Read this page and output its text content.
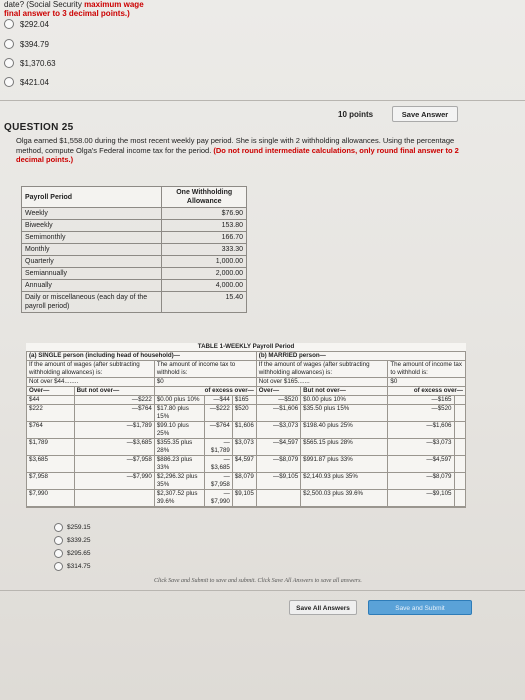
date? (Social Security maximum wage
final answer to 3 decimal points.)
$292.04
$394.79
$1,370.63
$421.04
10 points	Save Answer
QUESTION 25
Olga earned $1,558.00 during the most recent weekly pay period. She is single with 2 withholding allowances. Using the percentage method, compute Olga's Federal income tax for the period. (Do not round intermediate calculations, only round final answer to 2 decimal points.)
Payroll Period	One Withholding Allowance
Weekly	$76.90
Biweekly	153.80
Semimonthly	166.70
Monthly	333.30
Quarterly	1,000.00
Semiannually	2,000.00
Annually	4,000.00
Daily or miscellaneous (each day of the payroll period)	15.40
TABLE 1-WEEKLY Payroll Period								
(a) SINGLE person (including head of household)—					(b) MARRIED person—			
If the amount of wages (after subtracting withholding allowances) is:		The amount of income tax to withhold is:			If the amount of wages (after subtracting withholding allowances) is:		The amount of income tax to withhold is:	
Not over $44........		$0			Not over $165.......		$0	
Over—	But not over—	of excess over—			Over—	But not over—	of excess over—	
$44	—$222	$0.00 plus 10%	—$44	$165	—$520	$0.00 plus 10%	—$165	
$222	—$764	$17.80 plus 15%	—$222	$520	—$1,606	$35.50 plus 15%	—$520	
$764	—$1,789	$99.10 plus 25%	—$764	$1,606	—$3,073	$198.40 plus 25%	—$1,606	
$1,789	—$3,685	$355.35 plus 28%	—$1,789	$3,073	—$4,597	$565.15 plus 28%	—$3,073	
$3,685	—$7,958	$886.23 plus 33%	—$3,685	$4,597	—$8,079	$991.87 plus 33%	—$4,597	
$7,958	—$7,990	$2,296.32 plus 35%	—$7,958	$8,079	—$9,105	$2,140.93 plus 35%	—$8,079	
$7,990		$2,307.52 plus 39.6%	—$7,990	$9,105		$2,500.03 plus 39.6%	—$9,105	

$259.15
$339.25
$295.65
$314.75
Click Save and Submit to save and submit. Click Save All Answers to save all answers.
Save All Answers	Save and Submit
